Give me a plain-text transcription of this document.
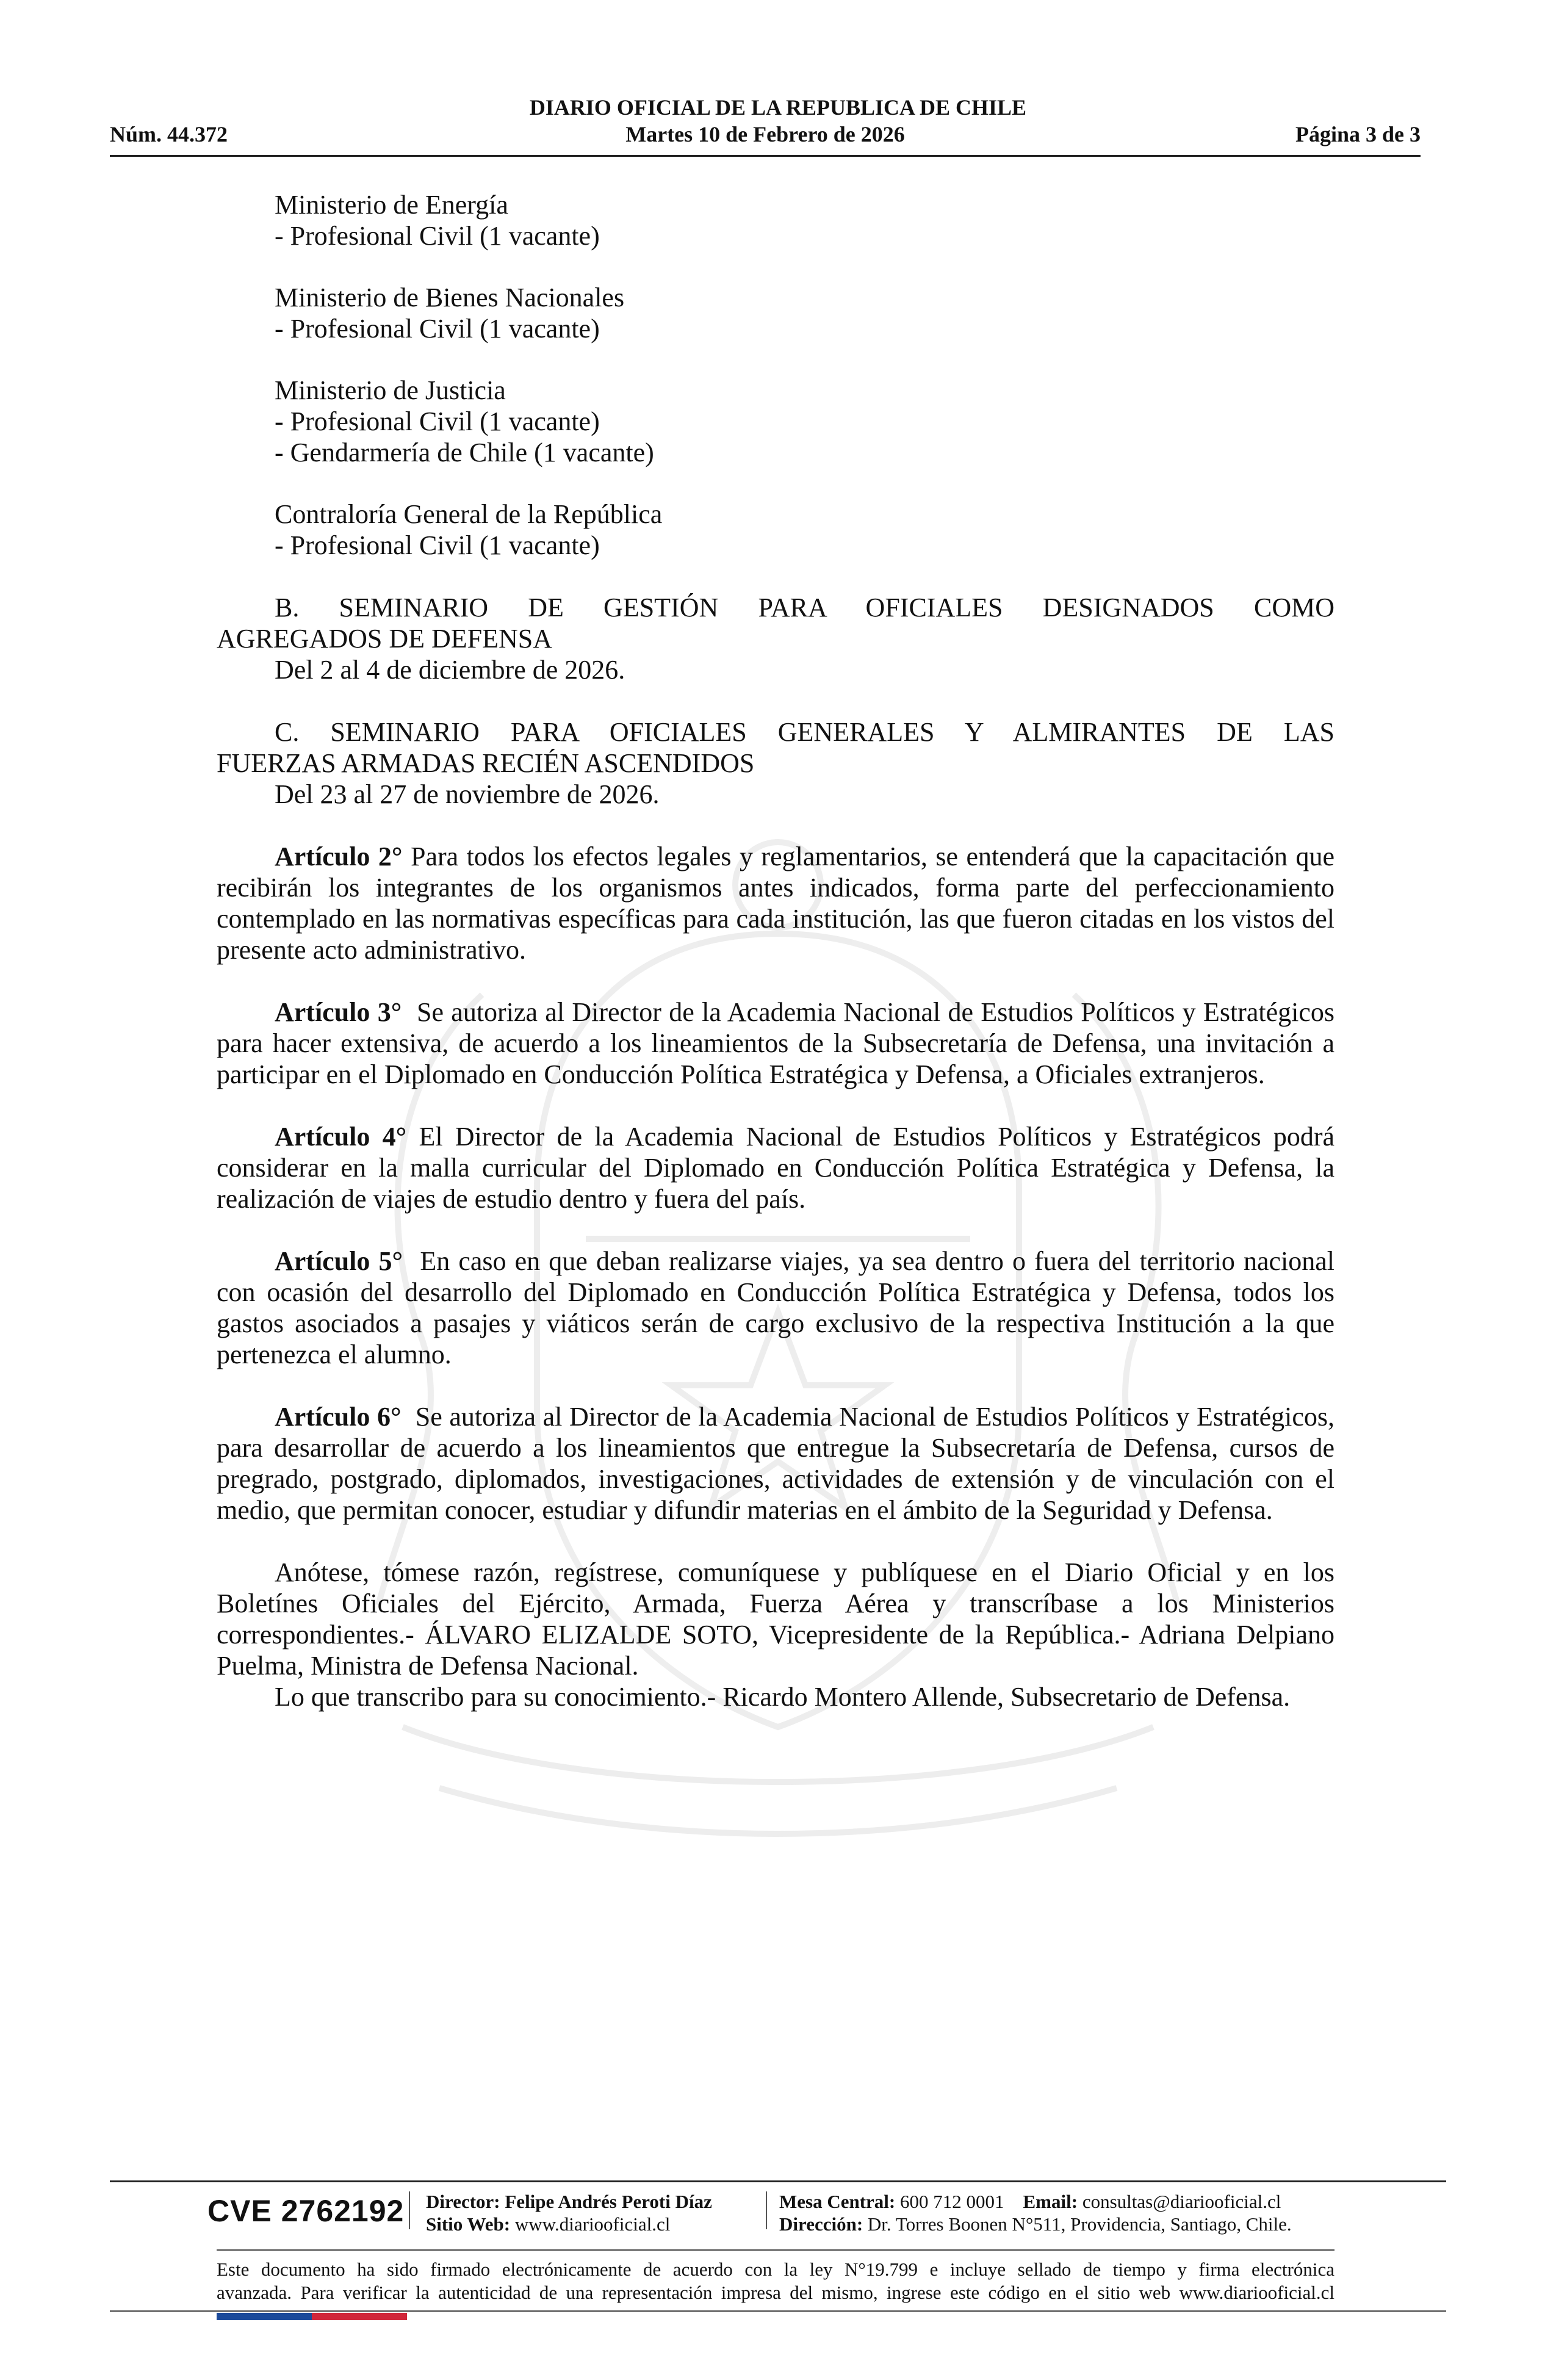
DIARIO OFICIAL DE LA REPUBLICA DE CHILE
Núm. 44.372	Martes 10 de Febrero de 2026	Página 3 de 3

Ministerio de Energía

- Profesional Civil (1 vacante)

Ministerio de Bienes Nacionales

- Profesional Civil (1 vacante)

Ministerio de Justicia

- Profesional Civil (1 vacante)

- Gendarmería de Chile (1 vacante)

Contraloría General de la República

- Profesional Civil (1 vacante)

B. SEMINARIO DE GESTIÓN PARA OFICIALES DESIGNADOS COMO

AGREGADOS DE DEFENSA

Del 2 al 4 de diciembre de 2026.

C. SEMINARIO PARA OFICIALES GENERALES Y ALMIRANTES DE LAS

FUERZAS ARMADAS RECIÉN ASCENDIDOS

Del 23 al 27 de noviembre de 2026.

Artículo 2° Para todos los efectos legales y reglamentarios, se entenderá que la capacitación que recibirán los integrantes de los organismos antes indicados, forma parte del perfeccionamiento contemplado en las normativas específicas para cada institución, las que fueron citadas en los vistos del presente acto administrativo.

Artículo 3° Se autoriza al Director de la Academia Nacional de Estudios Políticos y Estratégicos para hacer extensiva, de acuerdo a los lineamientos de la Subsecretaría de Defensa, una invitación a participar en el Diplomado en Conducción Política Estratégica y Defensa, a Oficiales extranjeros.

Artículo 4° El Director de la Academia Nacional de Estudios Políticos y Estratégicos podrá considerar en la malla curricular del Diplomado en Conducción Política Estratégica y Defensa, la realización de viajes de estudio dentro y fuera del país.

Artículo 5° En caso en que deban realizarse viajes, ya sea dentro o fuera del territorio nacional con ocasión del desarrollo del Diplomado en Conducción Política Estratégica y Defensa, todos los gastos asociados a pasajes y viáticos serán de cargo exclusivo de la respectiva Institución a la que pertenezca el alumno.

Artículo 6° Se autoriza al Director de la Academia Nacional de Estudios Políticos y Estratégicos, para desarrollar de acuerdo a los lineamientos que entregue la Subsecretaría de Defensa, cursos de pregrado, postgrado, diplomados, investigaciones, actividades de extensión y de vinculación con el medio, que permitan conocer, estudiar y difundir materias en el ámbito de la Seguridad y Defensa.

Anótese, tómese razón, regístrese, comuníquese y publíquese en el Diario Oficial y en los Boletínes Oficiales del Ejército, Armada, Fuerza Aérea y transcríbase a los Ministerios correspondientes.- ÁLVARO ELIZALDE SOTO, Vicepresidente de la República.- Adriana Delpiano Puelma, Ministra de Defensa Nacional.

Lo que transcribo para su conocimiento.- Ricardo Montero Allende, Subsecretario de Defensa.

CVE 2762192 Director: Felipe Andrés Peroti Díaz
Sitio Web: www.diariooficial.cl
Mesa Central: 600 712 0001 Email: consultas@diariooficial.cl
Dirección: Dr. Torres Boonen N°511, Providencia, Santiago, Chile.

Este documento ha sido firmado electrónicamente de acuerdo con la ley N°19.799 e incluye sellado de tiempo y firma electrónica

avanzada. Para verificar la autenticidad de una representación impresa del mismo, ingrese este código en el sitio web www.diariooficial.cl
